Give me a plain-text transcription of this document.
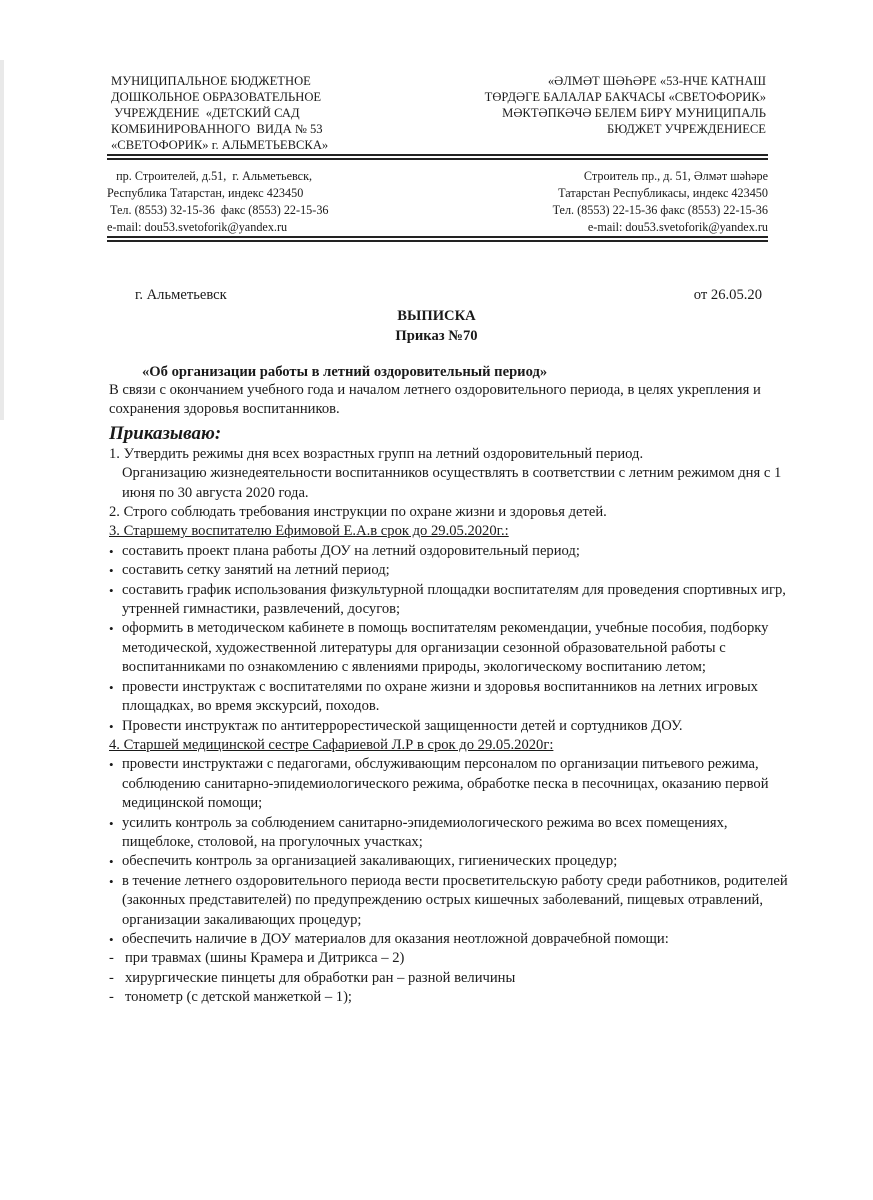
МУНИЦИПАЛЬНОЕ БЮДЖЕТНОЕ
ДОШКОЛЬНОЕ ОБРАЗОВАТЕЛЬНОЕ
УЧРЕЖДЕНИЕ  «ДЕТСКИЙ САД
КОМБИНИРОВАННОГО  ВИДА № 53
«СВЕТОФОРИК» г. АЛЬМЕТЬЕВСКА»
«ӘЛМӘТ ШӘҺӘРЕ «53-НЧЕ КАТНАШ
ТӨРДӘГЕ БАЛАЛАР БАКЧАСЫ «СВЕТОФОРИК»
МӘКТӘПКӘЧӘ БЕЛЕМ БИРҮ МУНИЦИПАЛЬ
БЮДЖЕТ УЧРЕЖДЕНИЕСЕ
пр. Строителей, д.51,  г. Альметьевск,
Республика Татарстан, индекс 423450
Тел. (8553) 32-15-36  факс (8553) 22-15-36
e-mail: dou53.svetoforik@yandex.ru
Строитель пр., д. 51, Әлмәт шәһәре
Татарстан Республикасы, индекс 423450
Тел. (8553) 22-15-36 факс (8553) 22-15-36
e-mail: dou53.svetoforik@yandex.ru
г. Альметьевск	от 26.05.20
ВЫПИСКА
Приказ №70
«Об организации работы в летний оздоровительный период»

В связи с окончанием учебного года и началом летнего оздоровительного периода, в целях укрепления и сохранения здоровья воспитанников.

Приказываю:

1. Утвердить режимы дня всех возрастных групп на летний оздоровительный период.

Организацию жизнедеятельности воспитанников осуществлять в соответствии с летним режимом дня с 1 июня по 30 августа 2020 года.

2. Строго соблюдать требования инструкции по охране жизни и здоровья детей.

3. Старшему воспитателю Ефимовой Е.А.в срок до 29.05.2020г.:

• составить проект плана работы ДОУ на летний оздоровительный период;
• составить сетку занятий на летний период;
• составить график использования физкультурной площадки воспитателям для проведения спортивных игр, утренней гимнастики, развлечений, досугов;
• оформить в методическом кабинете в помощь воспитателям рекомендации, учебные пособия, подборку методической, художественной литературы для организации сезонной образовательной работы с воспитанниками по ознакомлению с явлениями природы, экологическому воспитанию летом;
• провести инструктаж с воспитателями по охране жизни и здоровья воспитанников на летних игровых площадках, во время экскурсий, походов.
• Провести инструктаж по антитеррорестической защищенности детей и сортудников ДОУ.

4. Старшей медицинской сестре Сафариевой Л.Р в срок до 29.05.2020г:

• провести инструктажи с педагогами, обслуживающим персоналом по организации питьевого режима, соблюдению санитарно-эпидемиологического режима, обработке песка в песочницах, оказанию первой медицинской помощи;
• усилить контроль за соблюдением санитарно-эпидемиологического режима во всех помещениях, пищеблоке, столовой, на прогулочных участках;
• обеспечить контроль за организацией закаливающих, гигиенических процедур;
• в течение летнего оздоровительного периода вести просветительскую работу среди работников, родителей (законных представителей) по предупреждению острых кишечных заболеваний, пищевых отравлений, организации закаливающих процедур;
• обеспечить наличие в ДОУ материалов для оказания неотложной доврачебной помощи:
- при травмах (шины Крамера и Дитрикса – 2)
- хирургические пинцеты для обработки ран – разной величины
- тонометр (с детской манжеткой – 1);
